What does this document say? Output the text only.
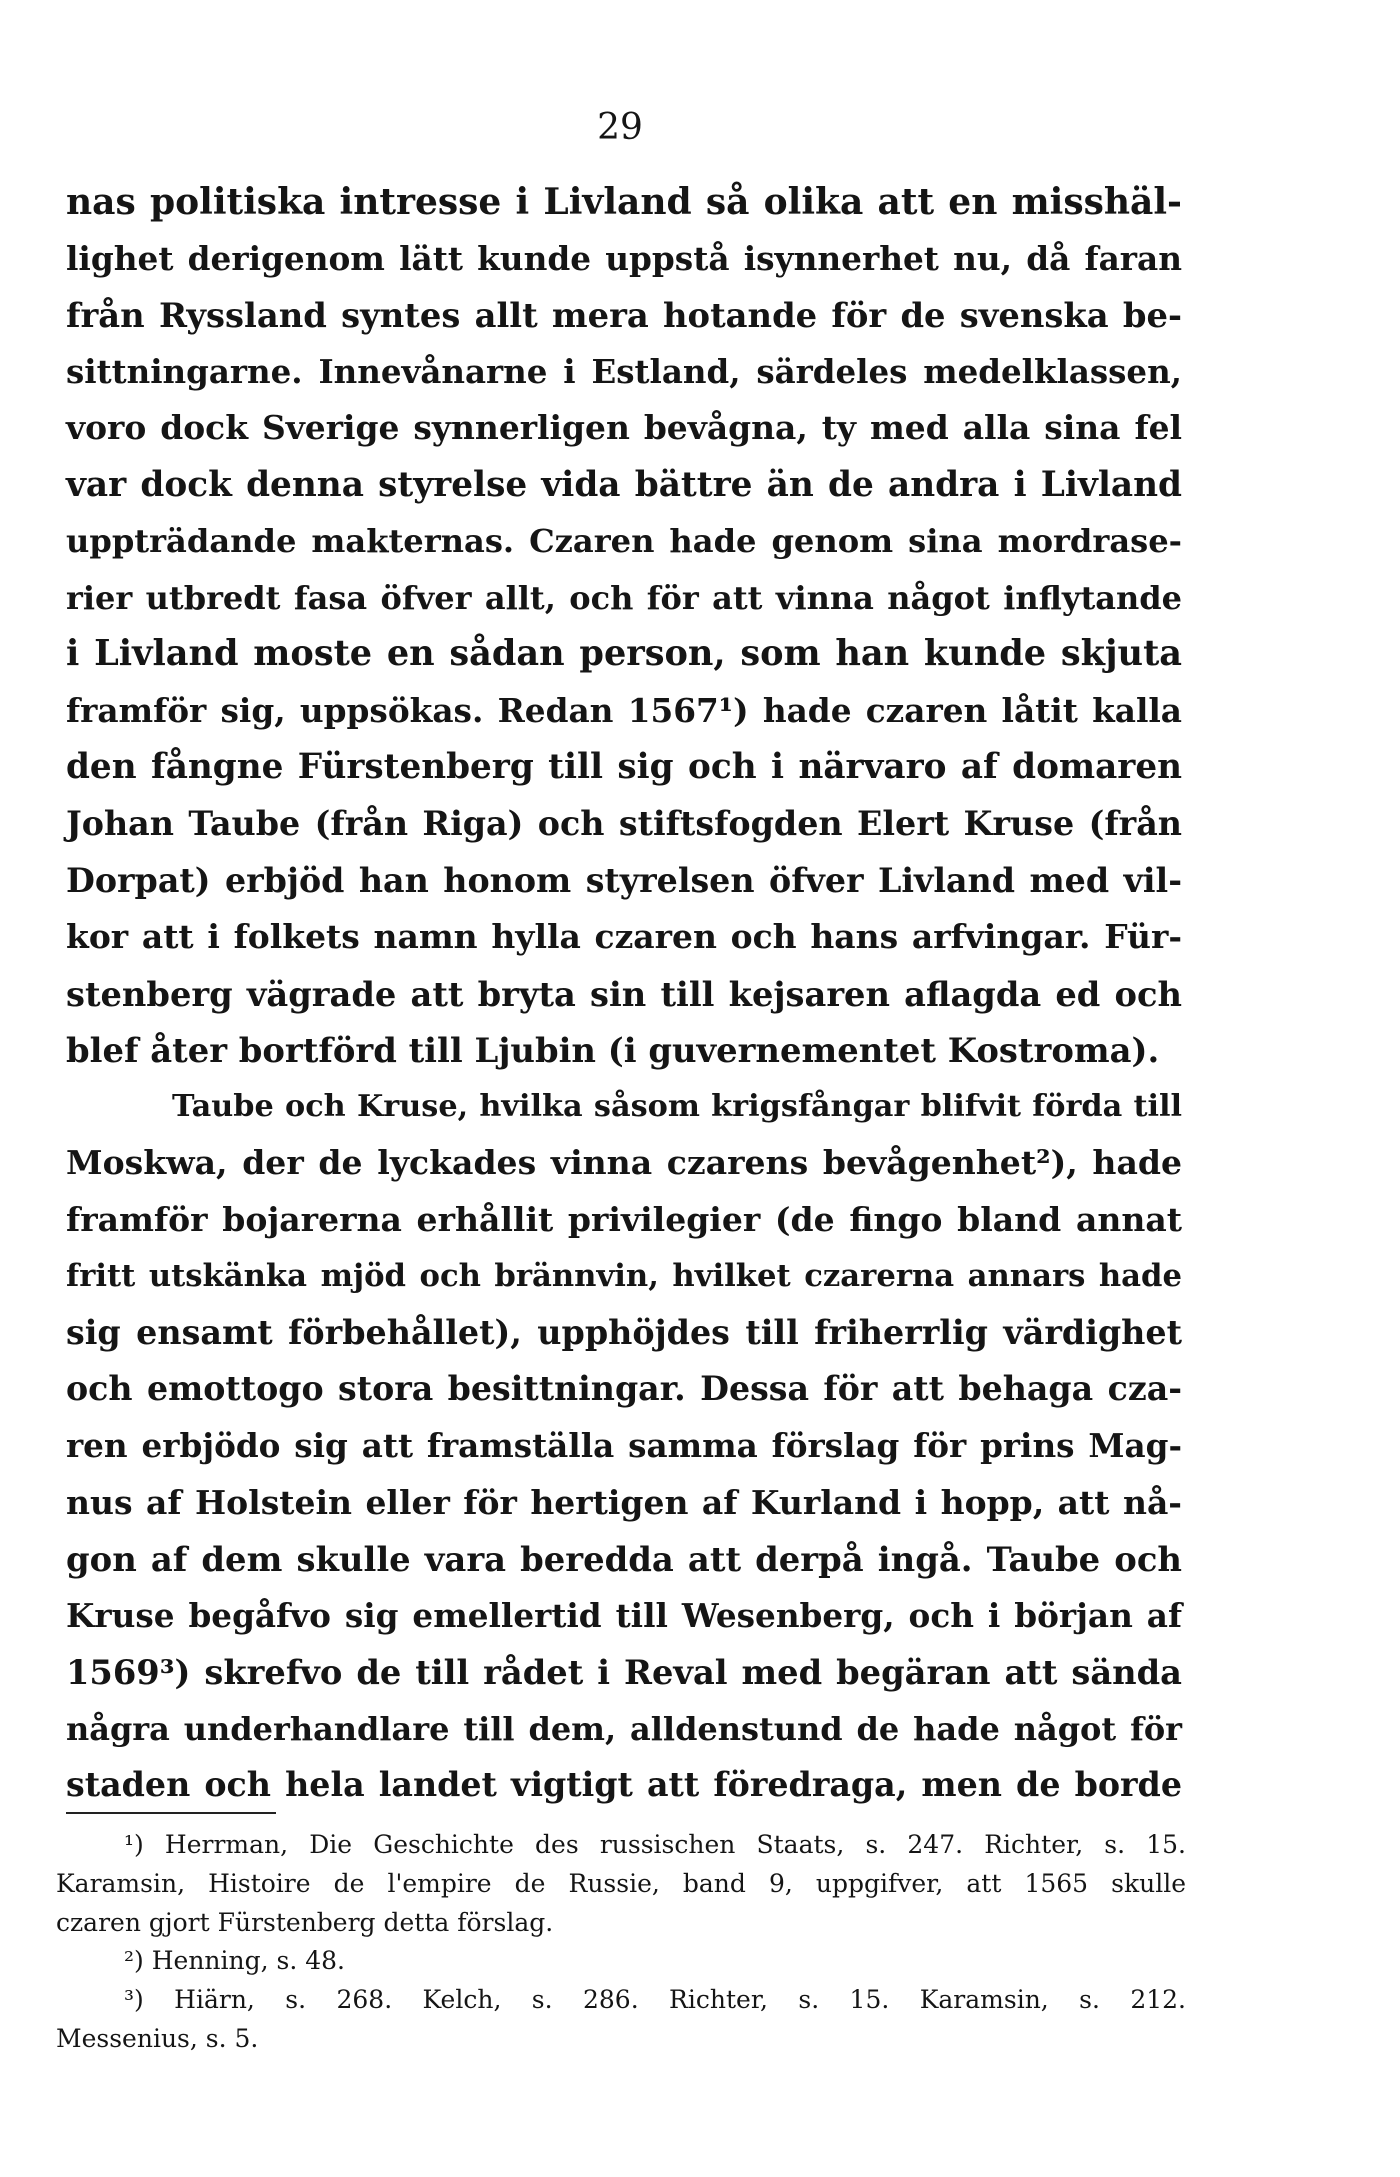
29
nas politiska intresse i Livland så olika att en misshäl-
lighet derigenom lätt kunde uppstå isynnerhet nu, då faran
från Ryssland syntes allt mera hotande för de svenska be-
sittningarne. Innevånarne i Estland, särdeles medelklassen,
voro dock Sverige synnerligen bevågna, ty med alla sina fel
var dock denna styrelse vida bättre än de andra i Livland
uppträdande makternas. Czaren hade genom sina mordrase-
rier utbredt fasa öfver allt, och för att vinna något inflytande
i Livland moste en sådan person, som han kunde skjuta
framför sig, uppsökas. Redan 1567¹) hade czaren låtit kalla
den fångne Fürstenberg till sig och i närvaro af domaren
Johan Taube (från Riga) och stiftsfogden Elert Kruse (från
Dorpat) erbjöd han honom styrelsen öfver Livland med vil-
kor att i folkets namn hylla czaren och hans arfvingar. Für-
stenberg vägrade att bryta sin till kejsaren aflagda ed och
blef åter bortförd till Ljubin (i guvernementet Kostroma).
Taube och Kruse, hvilka såsom krigsfångar blifvit förda till
Moskwa, der de lyckades vinna czarens bevågenhet²), hade
framför bojarerna erhållit privilegier (de fingo bland annat
fritt utskänka mjöd och brännvin, hvilket czarerna annars hade
sig ensamt förbehållet), upphöjdes till friherrlig värdighet
och emottogo stora besittningar. Dessa för att behaga cza-
ren erbjödo sig att framställa samma förslag för prins Mag-
nus af Holstein eller för hertigen af Kurland i hopp, att nå-
gon af dem skulle vara beredda att derpå ingå. Taube och
Kruse begåfvo sig emellertid till Wesenberg, och i början af
1569³) skrefvo de till rådet i Reval med begäran att sända
några underhandlare till dem, alldenstund de hade något för
staden och hela landet vigtigt att föredraga, men de borde
¹) Herrman, Die Geschichte des russischen Staats, s. 247. Richter, s. 15.
Karamsin, Histoire de l'empire de Russie, band 9, uppgifver, att 1565 skulle
czaren gjort Fürstenberg detta förslag.
²) Henning, s. 48.
³) Hiärn, s. 268. Kelch, s. 286. Richter, s. 15. Karamsin, s. 212.
Messenius, s. 5.
